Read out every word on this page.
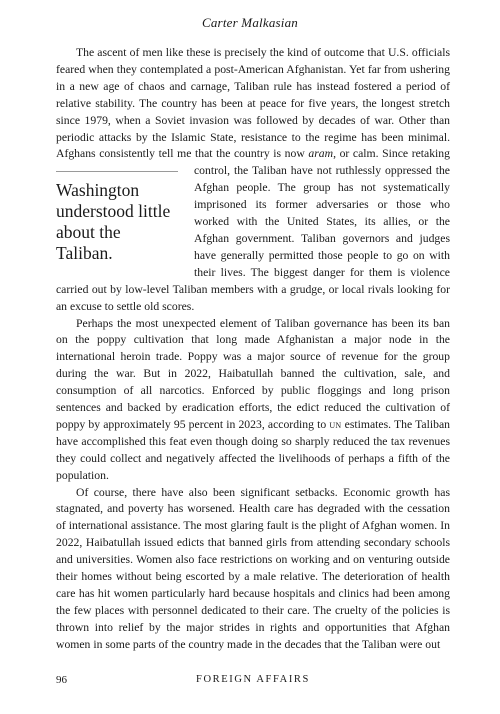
Carter Malkasian

The ascent of men like these is precisely the kind of outcome that U.S. officials feared when they contemplated a post-American Afghanistan. Yet far from ushering in a new age of chaos and carnage, Taliban rule has instead fostered a period of relative stability. The country has been at peace for five years, the longest stretch since 1979, when a Soviet invasion was followed by decades of war. Other than periodic attacks by the Islamic State, resistance to the regime has been minimal. Afghans consistently tell me that the country is now aram
Washington understood little about the Taliban.
, or calm. Since retaking control, the Taliban have not ruthlessly oppressed the Afghan people. The group has not systematically imprisoned its former adversaries or those who worked with the United States, its allies, or the Afghan government. Taliban governors and judges have generally permitted those people to go on with their lives. The biggest danger for them is violence carried out by low-level Taliban members with a grudge, or local rivals looking for an excuse to settle old scores.

Perhaps the most unexpected element of Taliban governance has been its ban on the poppy cultivation that long made Afghanistan a major node in the international heroin trade. Poppy was a major source of revenue for the group during the war. But in 2022, Haibatullah banned the cultivation, sale, and consumption of all narcotics. Enforced by public floggings and long prison sentences and backed by eradication efforts, the edict reduced the cultivation of poppy by approximately 95 percent in 2023, according to un estimates. The Taliban have accomplished this feat even though doing so sharply reduced the tax revenues they could collect and negatively affected the livelihoods of perhaps a fifth of the population.

Of course, there have also been significant setbacks. Economic growth has stagnated, and poverty has worsened. Health care has degraded with the cessation of international assistance. The most glaring fault is the plight of Afghan women. In 2022, Haibatullah issued edicts that banned girls from attending secondary schools and universities. Women also face restrictions on working and on venturing outside their homes without being escorted by a male relative. The deterioration of health care has hit women particularly hard because hospitals and clinics had been among the few places with personnel dedicated to their care. The cruelty of the policies is thrown into relief by the major strides in rights and opportunities that Afghan women in some parts of the country made in the decades that the Taliban were out

96	FOREIGN AFFAIRS
